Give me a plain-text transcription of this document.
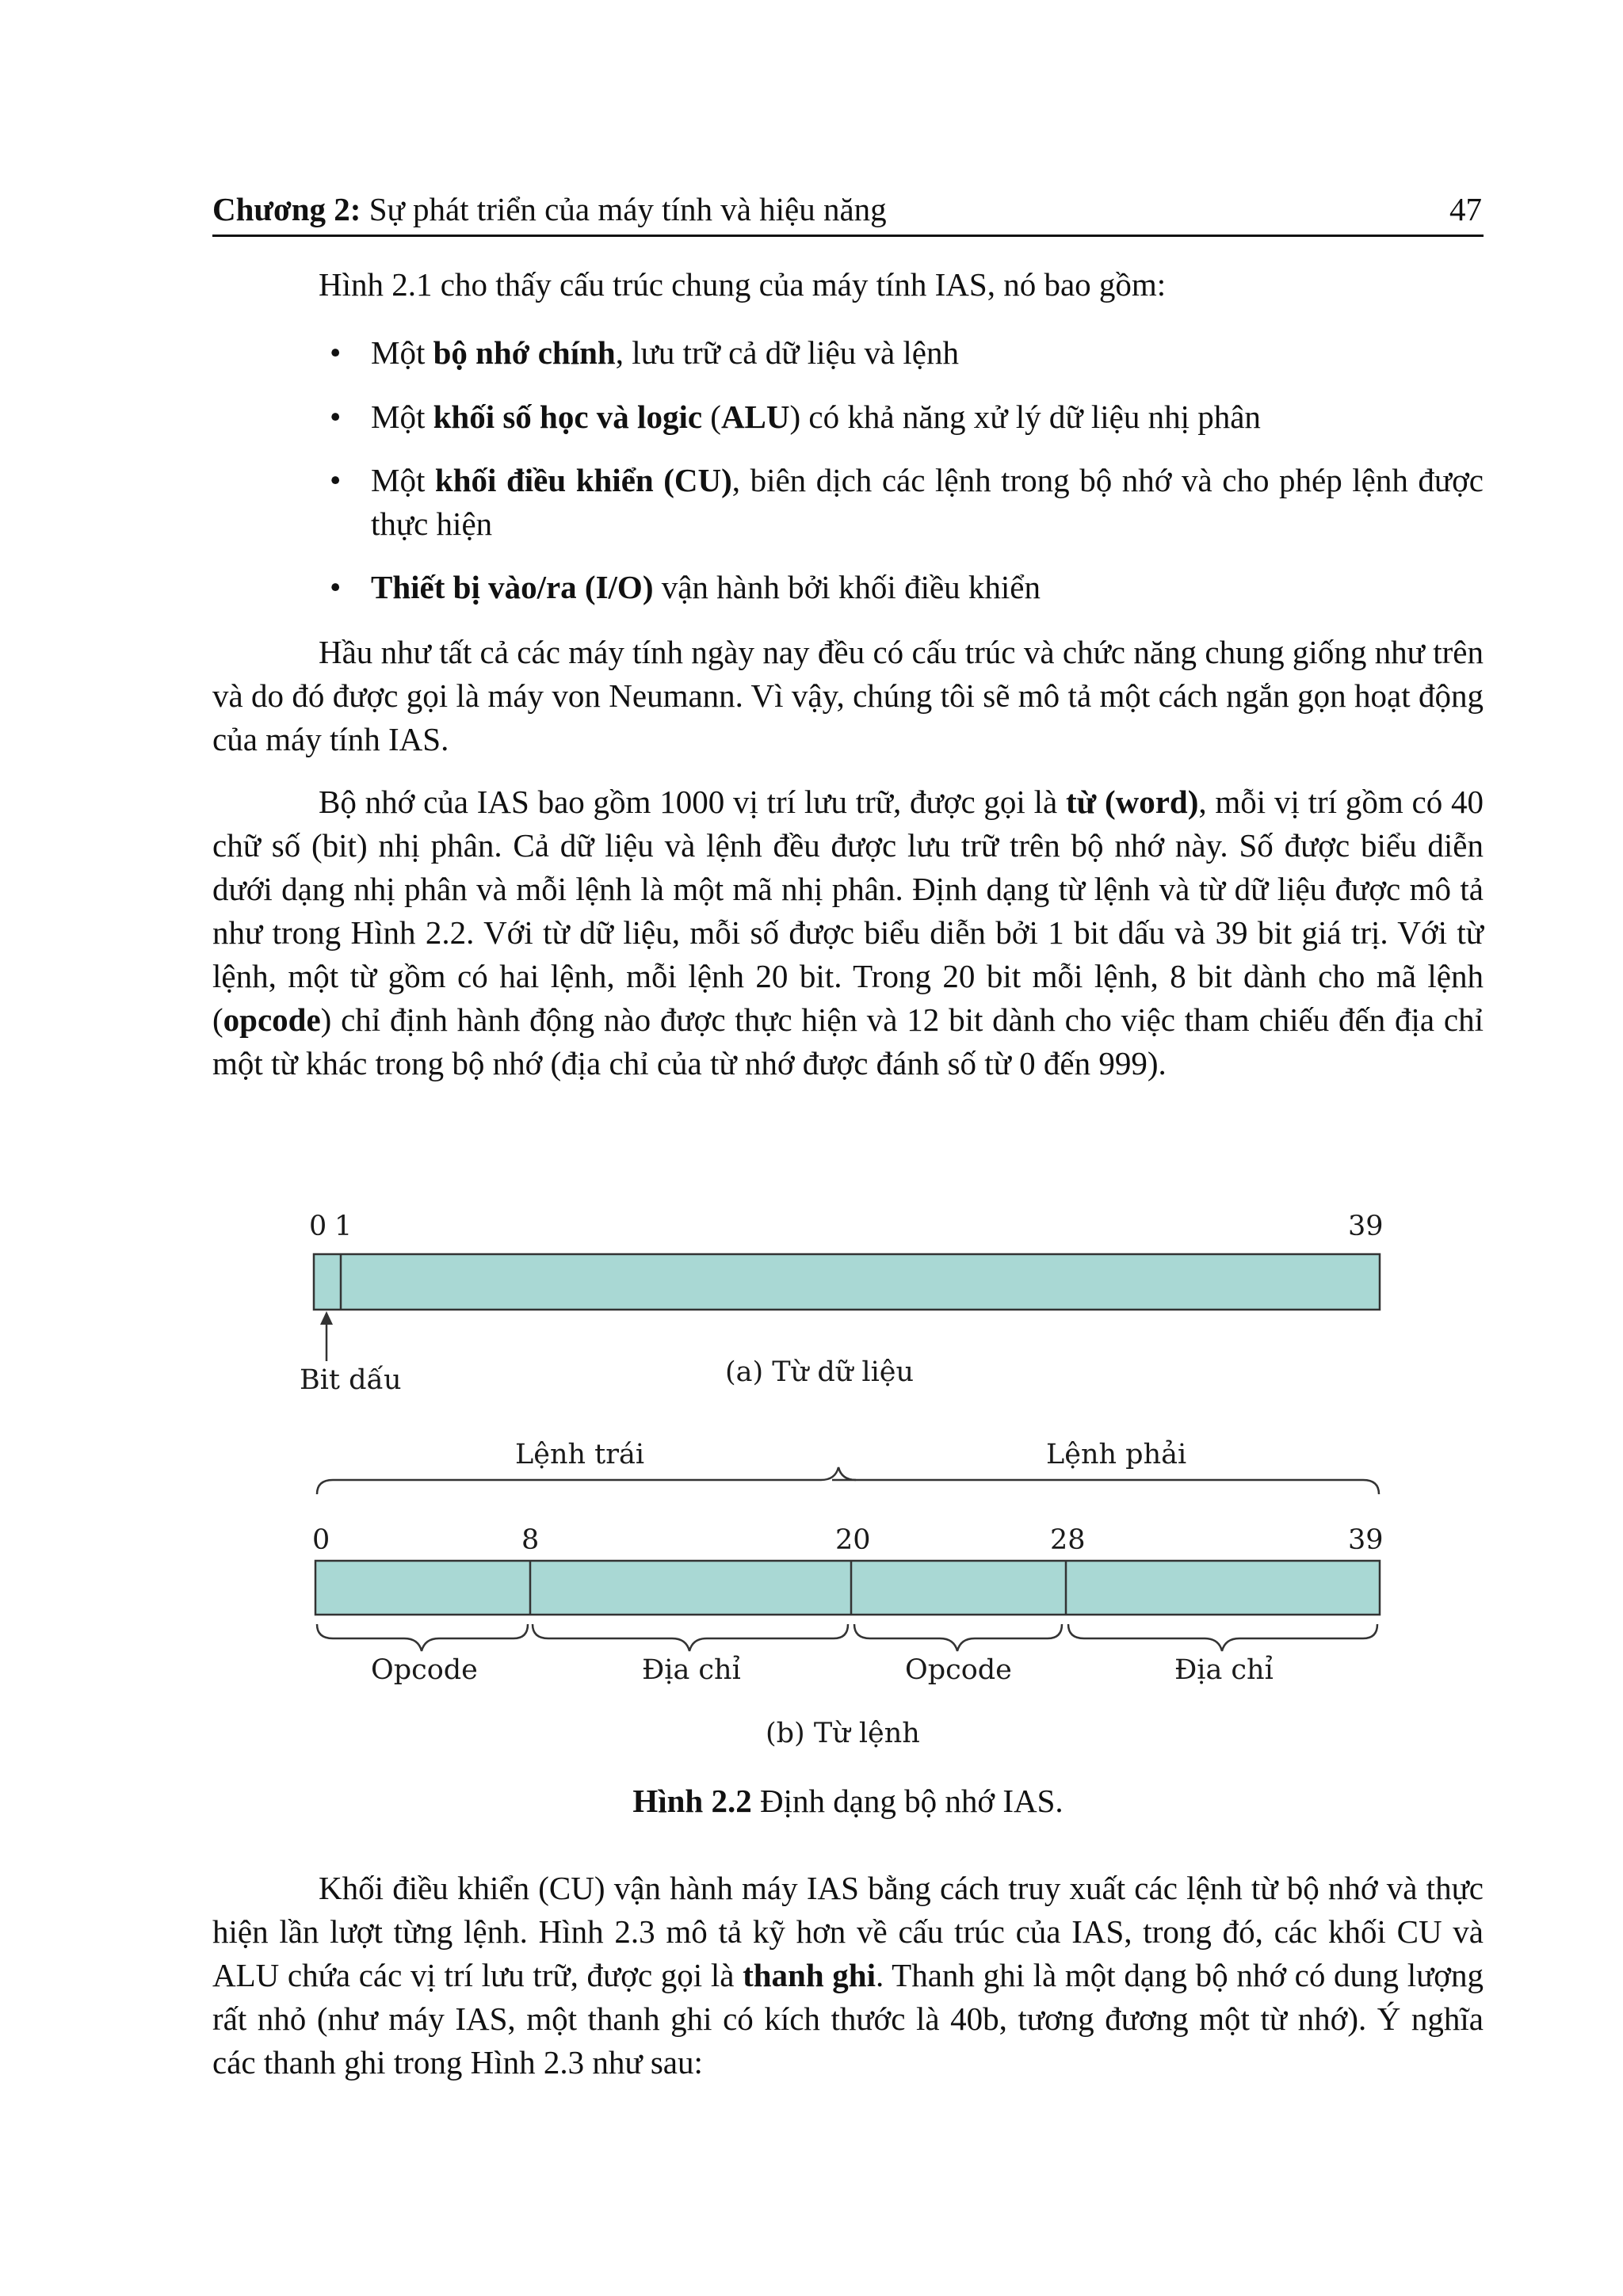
Chương 2: Sự phát triển của máy tính và hiệu năng	47

Hình 2.1 cho thấy cấu trúc chung của máy tính IAS, nó bao gồm:

• Một bộ nhớ chính, lưu trữ cả dữ liệu và lệnh
• Một khối số học và logic (ALU) có khả năng xử lý dữ liệu nhị phân
• Một khối điều khiển (CU), biên dịch các lệnh trong bộ nhớ và cho phép lệnh được thực hiện
• Thiết bị vào/ra (I/O) vận hành bởi khối điều khiển

Hầu như tất cả các máy tính ngày nay đều có cấu trúc và chức năng chung giống như trên và do đó được gọi là máy von Neumann. Vì vậy, chúng tôi sẽ mô tả một cách ngắn gọn hoạt động của máy tính IAS.

Bộ nhớ của IAS bao gồm 1000 vị trí lưu trữ, được gọi là từ (word), mỗi vị trí gồm có 40 chữ số (bit) nhị phân. Cả dữ liệu và lệnh đều được lưu trữ trên bộ nhớ này. Số được biểu diễn dưới dạng nhị phân và mỗi lệnh là một mã nhị phân. Định dạng từ lệnh và từ dữ liệu được mô tả như trong Hình 2.2. Với từ dữ liệu, mỗi số được biểu diễn bởi 1 bit dấu và 39 bit giá trị. Với từ lệnh, một từ gồm có hai lệnh, mỗi lệnh 20 bit. Trong 20 bit mỗi lệnh, 8 bit dành cho mã lệnh (opcode) chỉ định hành động nào được thực hiện và 12 bit dành cho việc tham chiếu đến địa chỉ một từ khác trong bộ nhớ (địa chỉ của từ nhớ được đánh số từ 0 đến 999).

0 1	39
Bit dấu	(a) Từ dữ liệu
Lệnh trái	Lệnh phải
0	8	20	28	39
Opcode	Địa chỉ	Opcode	Địa chỉ
(b) Từ lệnh
Hình 2.2 Định dạng bộ nhớ IAS.

Khối điều khiển (CU) vận hành máy IAS bằng cách truy xuất các lệnh từ bộ nhớ và thực hiện lần lượt từng lệnh. Hình 2.3 mô tả kỹ hơn về cấu trúc của IAS, trong đó, các khối CU và ALU chứa các vị trí lưu trữ, được gọi là thanh ghi. Thanh ghi là một dạng bộ nhớ có dung lượng rất nhỏ (như máy IAS, một thanh ghi có kích thước là 40b, tương đương một từ nhớ). Ý nghĩa các thanh ghi trong Hình 2.3 như sau:
